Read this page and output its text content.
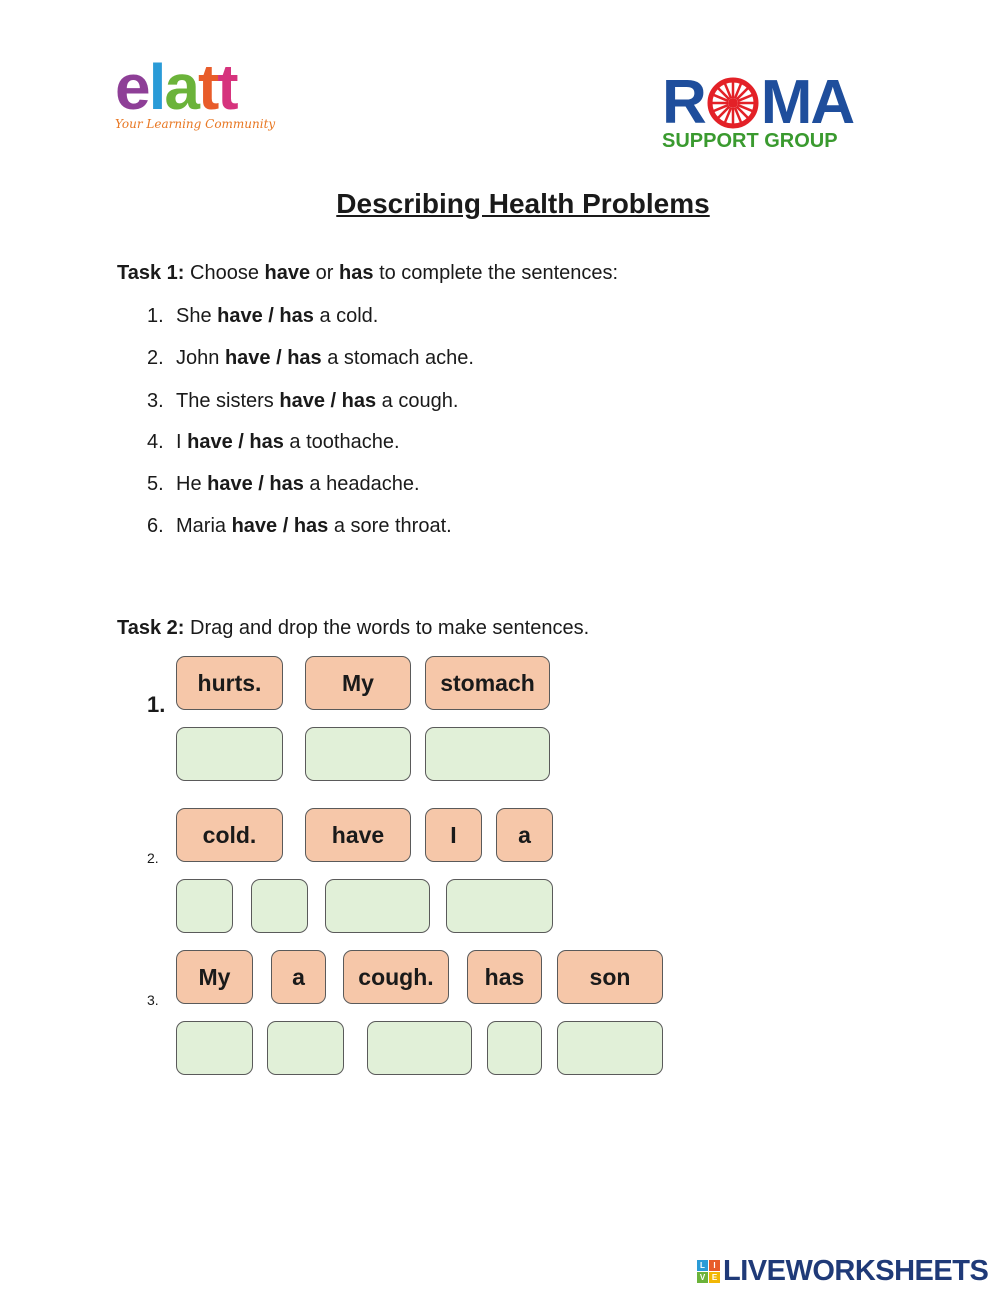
elatt
Your Learning Community	R MA
SUPPORT GROUP
Describing Health Problems
Task 1: Choose have or has to complete the sentences:
1. She have / has a cold.
2. John have / has a stomach ache.
3. The sisters have / has a cough.
4. I have / has a toothache.
5. He have / has a headache.
6. Maria have / has a sore throat.
Task 2: Drag and drop the words to make sentences.
1.
2.
3.
hurts.	My	stomach
cold.	have	I	a
My	a	cough.	has	son
L	I
V E LIVEWORKSHEETS
